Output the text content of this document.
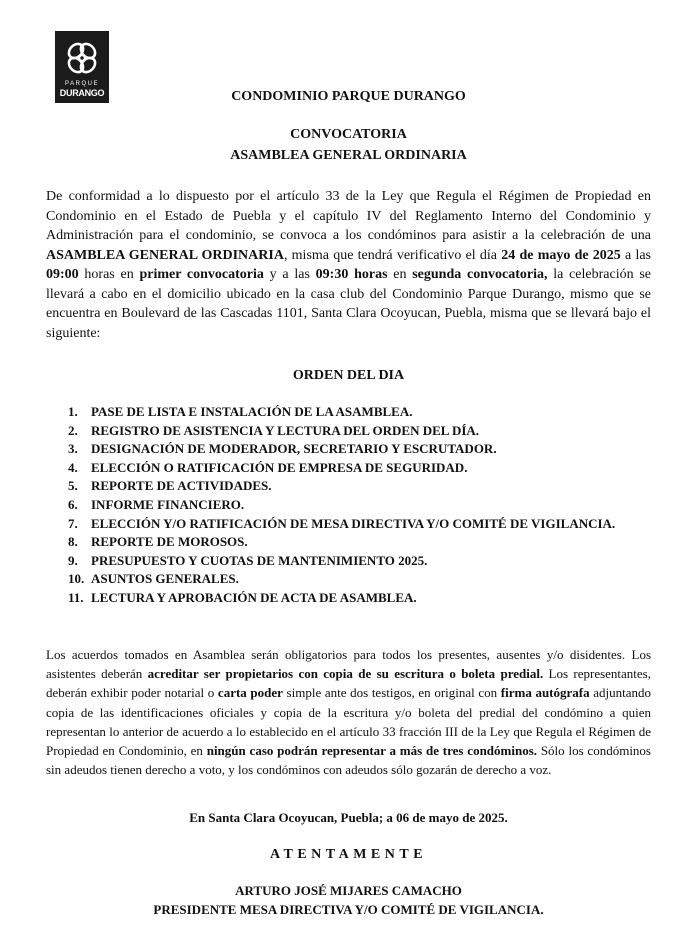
PARQUE
DURANGO	CONDOMINIO PARQUE DURANGO

CONVOCATORIA

ASAMBLEA GENERAL ORDINARIA

De conformidad a lo dispuesto por el artículo 33 de la Ley que Regula el Régimen de Propiedad en Condominio en el Estado de Puebla y el capítulo IV del Reglamento Interno del Condominio y Administración para el condominio, se convoca a los condóminos para asistir a la celebración de una ASAMBLEA GENERAL ORDINARIA, misma que tendrá verificativo el día 24 de mayo de 2025 a las 09:00 horas en primer convocatoria y a las 09:30 horas en segunda convocatoria, la celebración se llevará a cabo en el domicilio ubicado en la casa club del Condominio Parque Durango, mismo que se encuentra en Boulevard de las Cascadas 1101, Santa Clara Ocoyucan, Puebla, misma que se llevará bajo el siguiente:

ORDEN DEL DIA

1. PASE DE LISTA E INSTALACIÓN DE LA ASAMBLEA.
2. REGISTRO DE ASISTENCIA Y LECTURA DEL ORDEN DEL DÍA.
3. DESIGNACIÓN DE MODERADOR, SECRETARIO Y ESCRUTADOR.
4. ELECCIÓN O RATIFICACIÓN DE EMPRESA DE SEGURIDAD.
5. REPORTE DE ACTIVIDADES.
6. INFORME FINANCIERO.
7. ELECCIÓN Y/O RATIFICACIÓN DE MESA DIRECTIVA Y/O COMITÉ DE VIGILANCIA.
8. REPORTE DE MOROSOS.
9. PRESUPUESTO Y CUOTAS DE MANTENIMIENTO 2025.
10. ASUNTOS GENERALES.
11. LECTURA Y APROBACIÓN DE ACTA DE ASAMBLEA.

Los acuerdos tomados en Asamblea serán obligatorios para todos los presentes, ausentes y/o disidentes. Los asistentes deberán acreditar ser propietarios con copia de su escritura o boleta predial. Los representantes, deberán exhibir poder notarial o carta poder simple ante dos testigos, en original con firma autógrafa adjuntando copia de las identificaciones oficiales y copia de la escritura y/o boleta del predial del condómino a quien representan lo anterior de acuerdo a lo establecido en el artículo 33 fracción III de la Ley que Regula el Régimen de Propiedad en Condominio, en ningún caso podrán representar a más de tres condóminos. Sólo los condóminos sin adeudos tienen derecho a voto, y los condóminos con adeudos sólo gozarán de derecho a voz.

En Santa Clara Ocoyucan, Puebla; a 06 de mayo de 2025.

ATENTAMENTE

ARTURO JOSÉ MIJARES CAMACHO

PRESIDENTE MESA DIRECTIVA Y/O COMITÉ DE VIGILANCIA.
